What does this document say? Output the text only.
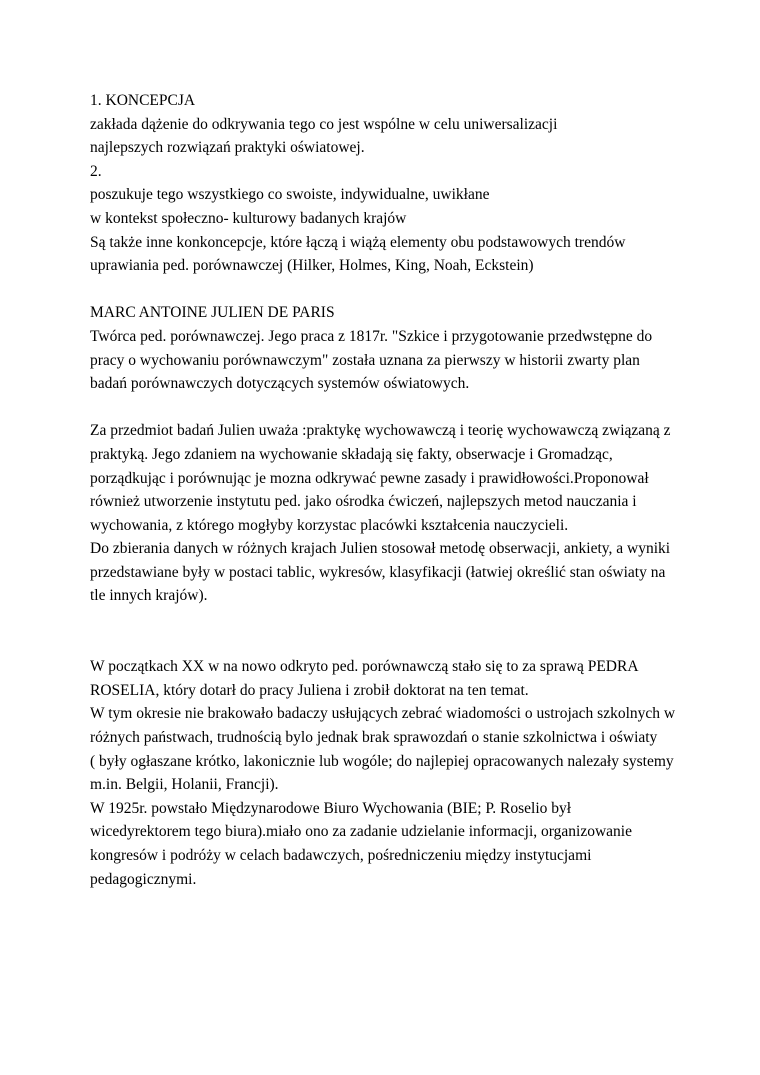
1. KONCEPCJA
zakłada dążenie do odkrywania tego co jest wspólne w celu uniwersalizacji
najlepszych rozwiązań praktyki oświatowej.
2.
poszukuje tego wszystkiego co swoiste, indywidualne, uwikłane
w kontekst społeczno- kulturowy badanych krajów
Są także inne konkoncepcje, które łączą i wiążą elementy obu podstawowych trendów
uprawiania ped. porównawczej (Hilker, Holmes, King, Noah, Eckstein)
MARC ANTOINE JULIEN DE PARIS
Twórca ped. porównawczej. Jego praca z 1817r. "Szkice i przygotowanie przedwstępne do
pracy o wychowaniu porównawczym" została uznana za pierwszy w historii zwarty plan
badań porównawczych dotyczących systemów oświatowych.
Za przedmiot badań Julien uważa :praktykę wychowawczą i teorię wychowawczą związaną z
praktyką. Jego zdaniem na wychowanie składają się fakty, obserwacje i Gromadząc,
porządkując i porównując je mozna odkrywać pewne zasady i prawidłowości.Proponował
również utworzenie instytutu ped. jako ośrodka ćwiczeń, najlepszych metod nauczania i
wychowania, z którego mogłyby korzystac placówki kształcenia nauczycieli.
Do zbierania danych w różnych krajach Julien stosował metodę obserwacji, ankiety, a wyniki
przedstawiane były w postaci tablic, wykresów, klasyfikacji (łatwiej określić stan oświaty na
tle innych krajów).
W początkach XX w na nowo odkryto ped. porównawczą stało się to za sprawą PEDRA
ROSELIA, który dotarł do pracy Juliena i zrobił doktorat na ten temat.
W tym okresie nie brakowało badaczy usłujących zebrać wiadomości o ustrojach szkolnych w
różnych państwach, trudnością bylo jednak brak sprawozdań o stanie szkolnictwa i oświaty
( były ogłaszane krótko, lakonicznie lub wogóle; do najlepiej opracowanych nalezały systemy
m.in. Belgii, Holanii, Francji).
W 1925r. powstało Międzynarodowe Biuro Wychowania (BIE; P. Roselio był
wicedyrektorem tego biura).miało ono za zadanie udzielanie informacji, organizowanie
kongresów i podróży w celach badawczych, pośredniczeniu między instytucjami
pedagogicznymi.
